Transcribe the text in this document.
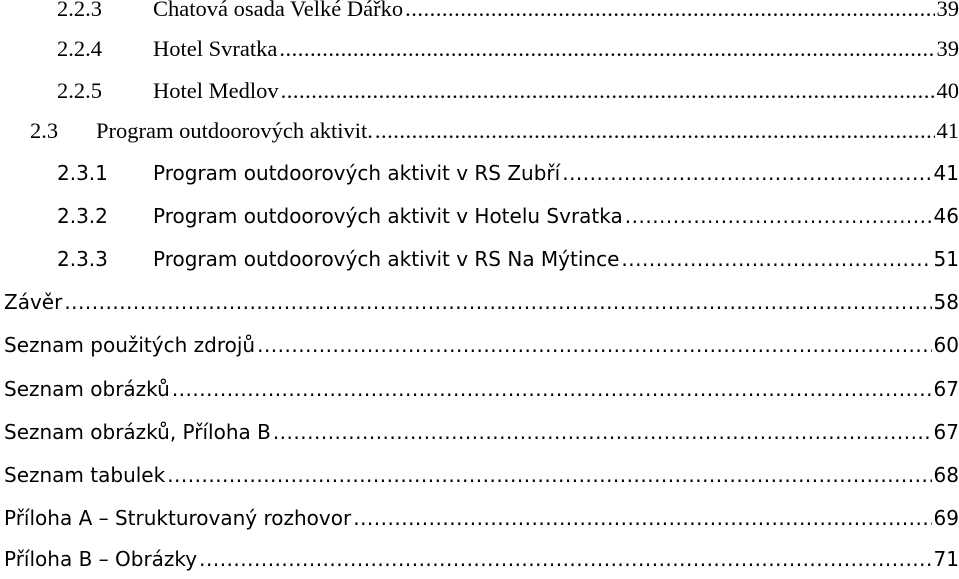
2.2.3	Chatová osada Velké Dářko .....	39
2.2.4	Hotel Svratka .....	39
2.2.5	Hotel Medlov .....	40
2.3	Program outdoorových aktivit. .....	41
2.3.1	Program outdoorových aktivit v RS Zubří .....	41
2.3.2	Program outdoorových aktivit v Hotelu Svratka .....	46
2.3.3	Program outdoorových aktivit v RS Na Mýtince .....	51
Závěr .....	58
Seznam použitých zdrojů .....	60
Seznam obrázků .....	67
Seznam obrázků, Příloha B .....	67
Seznam tabulek .....	68
Příloha A – Strukturovaný rozhovor .....	69
Příloha B – Obrázky .....	71
